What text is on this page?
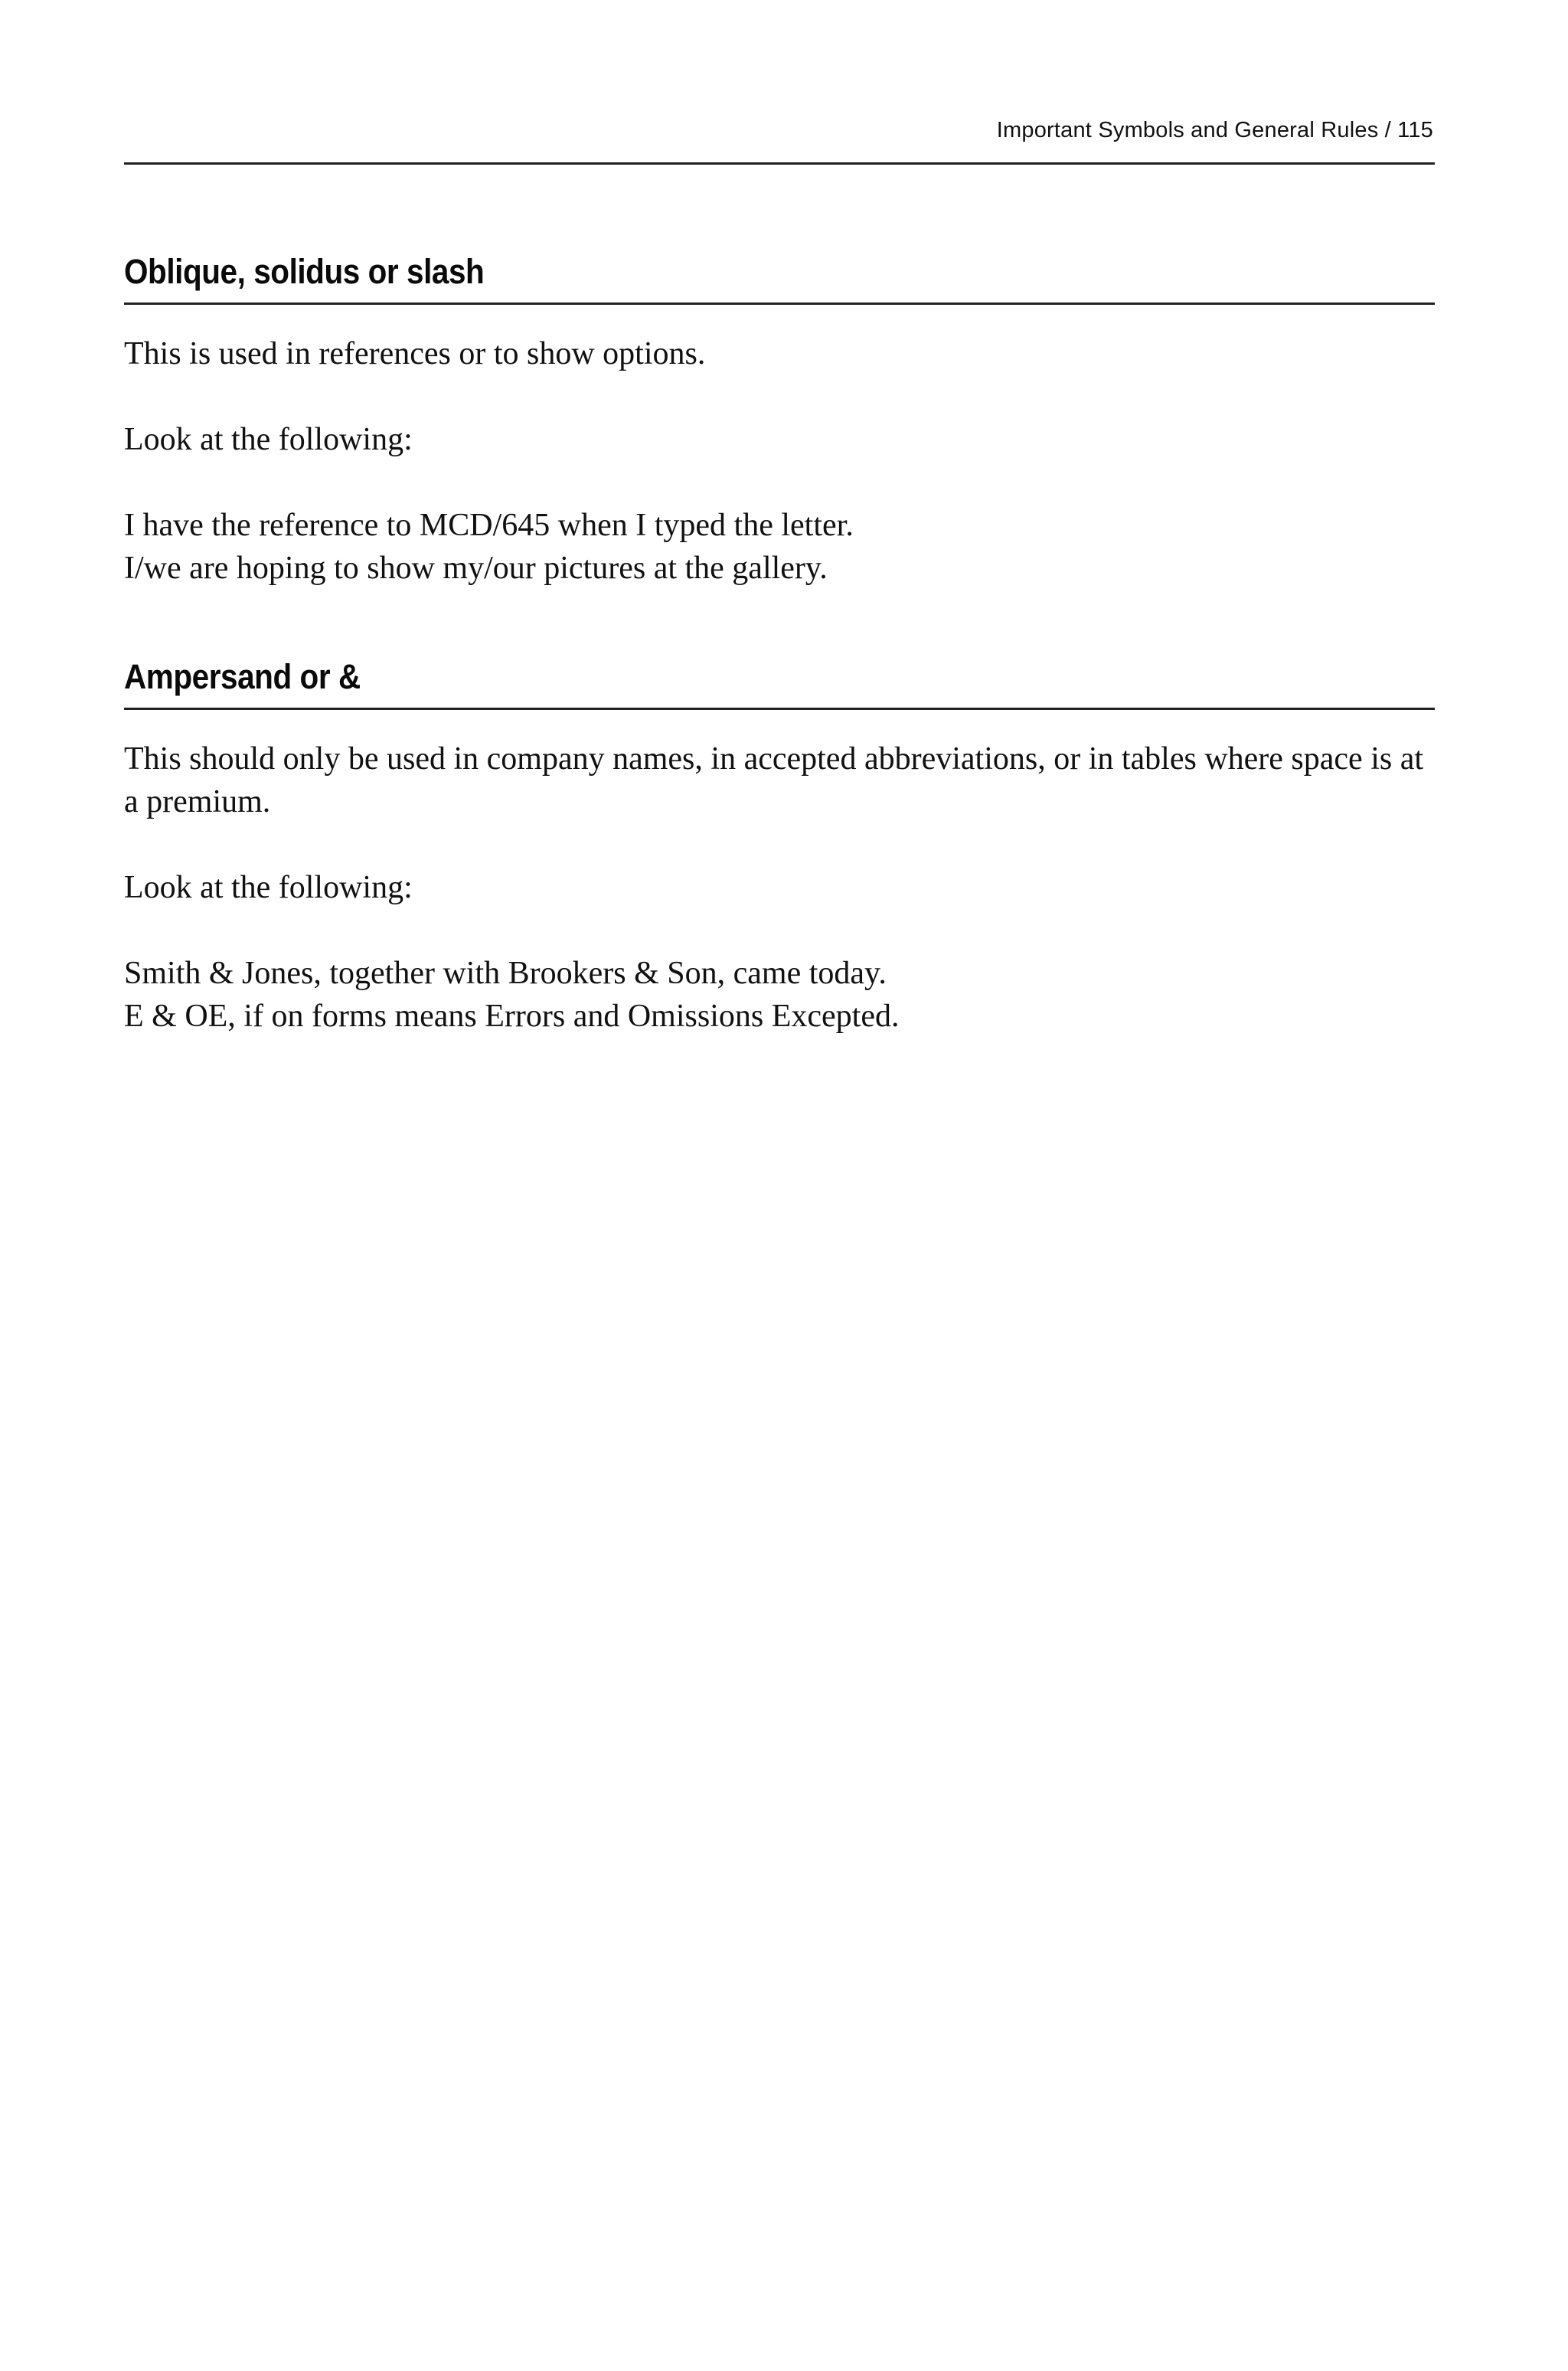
Important Symbols and General Rules / 115
Oblique, solidus or slash

This is used in references or to show options.

Look at the following:

I have the reference to MCD/645 when I typed the letter.

I/we are hoping to show my/our pictures at the gallery.

Ampersand or &

This should only be used in company names, in accepted abbreviations, or in tables where space is at a premium.

Look at the following:

Smith & Jones, together with Brookers & Son, came today.

E & OE, if on forms means Errors and Omissions Excepted.
